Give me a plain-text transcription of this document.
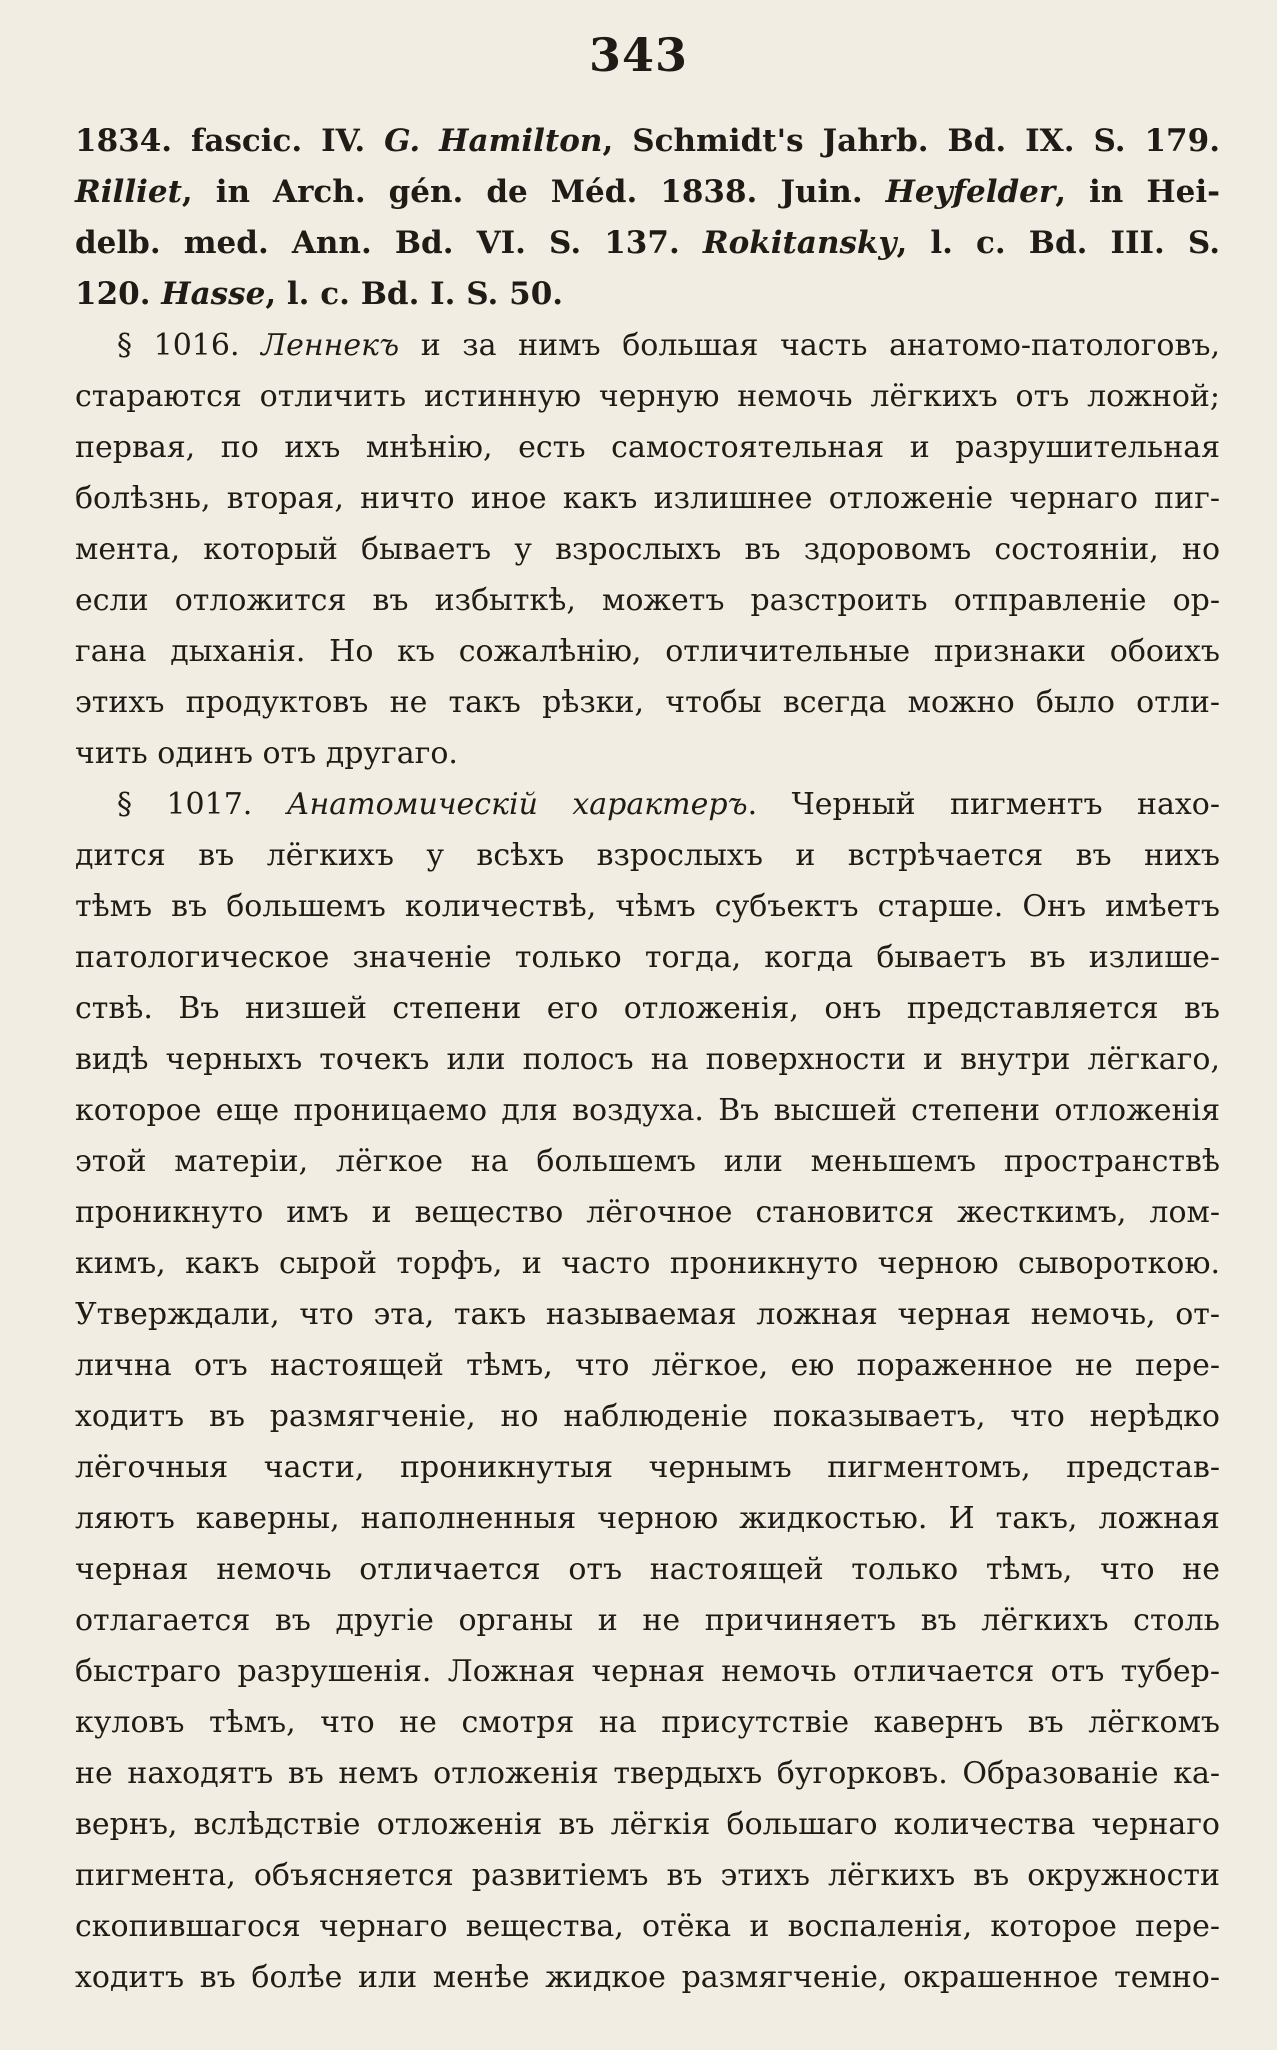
343
1834. fascic. IV. G. Hamilton, Schmidt's Jahrb. Bd. IX. S. 179.
Rilliet, in Arch. gén. de Méd. 1838. Juin. Heyfelder, in Hei-
delb. med. Ann. Bd. VI. S. 137. Rokitansky, l. c. Bd. III. S.
120. Hasse, l. c. Bd. I. S. 50.
§ 1016. Леннекъ и за нимъ большая часть анатомо-патологовъ,
стараются отличить истинную черную немочь лёгкихъ отъ ложной;
первая, по ихъ мнѣнію, есть самостоятельная и разрушительная
болѣзнь, вторая, ничто иное какъ излишнее отложеніе чернаго пиг-
мента, который бываетъ у взрослыхъ въ здоровомъ состояніи, но
если отложится въ избыткѣ, можетъ разстроить отправленіе ор-
гана дыханія. Но къ сожалѣнію, отличительные признаки обоихъ
этихъ продуктовъ не такъ рѣзки, чтобы всегда можно было отли-
чить одинъ отъ другаго.
§ 1017. Анатомическій характеръ. Черный пигментъ нахо-
дится въ лёгкихъ у всѣхъ взрослыхъ и встрѣчается въ нихъ
тѣмъ въ большемъ количествѣ, чѣмъ субъектъ старше. Онъ имѣетъ
патологическое значеніе только тогда, когда бываетъ въ излише-
ствѣ. Въ низшей степени его отложенія, онъ представляется въ
видѣ черныхъ точекъ или полосъ на поверхности и внутри лёгкаго,
которое еще проницаемо для воздуха. Въ высшей степени отложенія
этой матеріи, лёгкое на большемъ или меньшемъ пространствѣ
проникнуто имъ и вещество лёгочное становится жесткимъ, лом-
кимъ, какъ сырой торфъ, и часто проникнуто черною сывороткою.
Утверждали, что эта, такъ называемая ложная черная немочь, от-
лична отъ настоящей тѣмъ, что лёгкое, ею пораженное не пере-
ходитъ въ размягченіе, но наблюденіе показываетъ, что нерѣдко
лёгочныя части, проникнутыя чернымъ пигментомъ, представ-
ляютъ каверны, наполненныя черною жидкостью. И такъ, ложная
черная немочь отличается отъ настоящей только тѣмъ, что не
отлагается въ другіе органы и не причиняетъ въ лёгкихъ столь
быстраго разрушенія. Ложная черная немочь отличается отъ тубер-
куловъ тѣмъ, что не смотря на присутствіе кавернъ въ лёгкомъ
не находятъ въ немъ отложенія твердыхъ бугорковъ. Образованіе ка-
вернъ, вслѣдствіе отложенія въ лёгкія большаго количества чернаго
пигмента, объясняется развитіемъ въ этихъ лёгкихъ въ окружности
скопившагося чернаго вещества, отёка и воспаленія, которое пере-
ходитъ въ болѣе или менѣе жидкое размягченіе, окрашенное темно-
